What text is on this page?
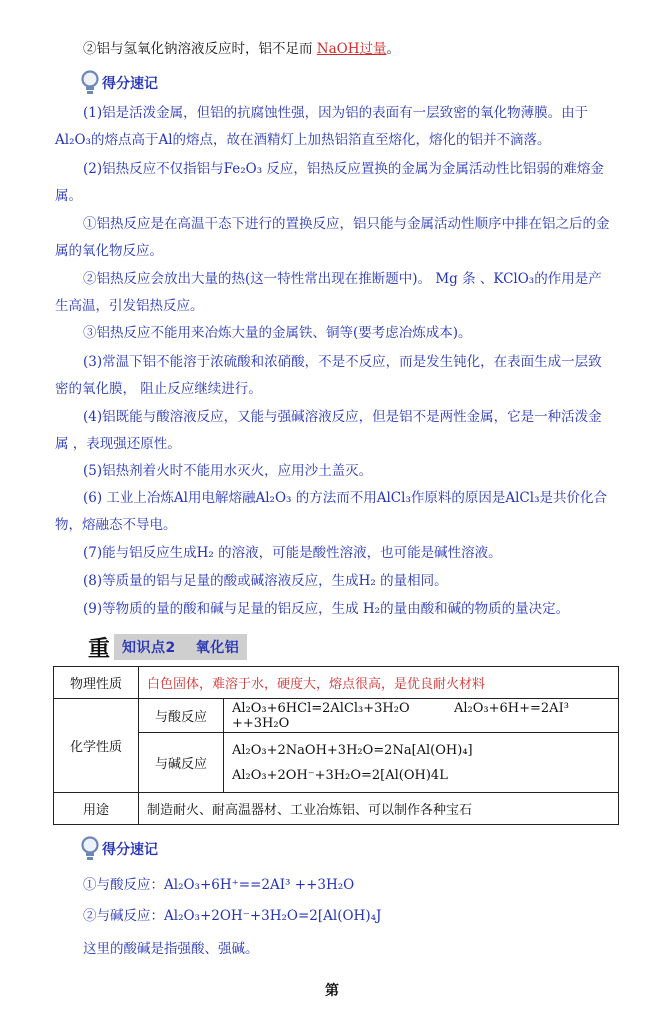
②铝与氢氧化钠溶液反应时，铝不足而 NaOH过量。
得分速记
(1)铝是活泼金属，但铝的抗腐蚀性强，因为铝的表面有一层致密的氧化物薄膜。由于Al₂O₃的熔点高于Al的熔点，故在酒精灯上加热铝箔直至熔化，熔化的铝并不滴落。
(2)铝热反应不仅指铝与Fe₂O₃ 反应，铝热反应置换的金属为金属活动性比铝弱的难熔金属。
①铝热反应是在高温干态下进行的置换反应，铝只能与金属活动性顺序中排在铝之后的金属的氧化物反应。
②铝热反应会放出大量的热(这一特性常出现在推断题中)。 Mg 条 、KClO₃的作用是产生高温，引发铝热反应。
③铝热反应不能用来冶炼大量的金属铁、铜等(要考虑冶炼成本)。
(3)常温下铝不能溶于浓硫酸和浓硝酸，不是不反应，而是发生钝化，在表面生成一层致密的氧化膜， 阻止反应继续进行。
(4)铝既能与酸溶液反应，又能与强碱溶液反应，但是铝不是两性金属，它是一种活泼金属 ，表现强还原性。
(5)铝热剂着火时不能用水灭火，应用沙土盖灭。
(6) 工业上冶炼Al用电解熔融Al₂O₃ 的方法而不用AlCl₃作原料的原因是AlCl₃是共价化合物，熔融态不导电。
(7)能与铝反应生成H₂ 的溶液，可能是酸性溶液，也可能是碱性溶液。
(8)等质量的铝与足量的酸或碱溶液反应，生成H₂ 的量相同。
(9)等物质的量的酸和碱与足量的铝反应，生成 H₂的量由酸和碱的物质的量决定。
重 知识点2 氧化铝
物理性质	白色固体，难溶于水，硬度大，熔点很高，是优良耐火材料	
化学性质	与酸反应	Al₂O₃+6HCl=2AlCl₃+3H₂O Al₂O₃+6H+=2AI³ ++3H₂O
	与碱反应	Al₂O₃+2NaOH+3H₂O=2Na[Al(OH)₄]
Al₂O₃+2OH⁻+3H₂O=2[Al(OH)4L

用途	制造耐火、耐高温器材、工业冶炼铝、可以制作各种宝石	
得分速记
①与酸反应：Al₂O₃+6H⁺==2AI³ ++3H₂O
②与碱反应：Al₂O₃+2OH⁻+3H₂O=2[Al(OH)₄J
这里的酸碱是指强酸、强碱。
第
